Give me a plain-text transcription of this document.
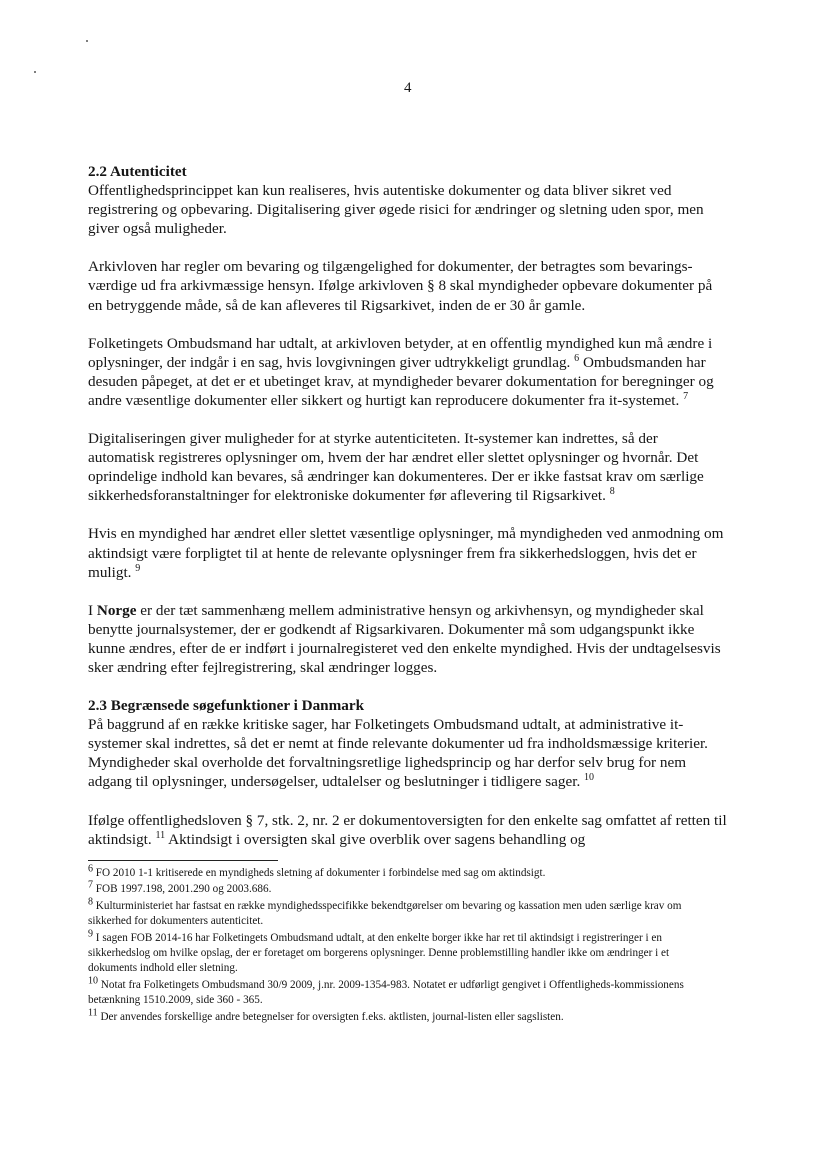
4
2.2 Autenticitet

Offentlighedsprincippet kan kun realiseres, hvis autentiske dokumenter og data bliver sikret ved registrering og opbevaring. Digitalisering giver øgede risici for ændringer og sletning uden spor, men giver også muligheder.

Arkivloven har regler om bevaring og tilgængelighed for dokumenter, der betragtes som bevarings-værdige ud fra arkivmæssige hensyn. Ifølge arkivloven § 8 skal myndigheder opbevare dokumenter på en betryggende måde, så de kan afleveres til Rigsarkivet, inden de er 30 år gamle.

Folketingets Ombudsmand har udtalt, at arkivloven betyder, at en offentlig myndighed kun må ændre i oplysninger, der indgår i en sag, hvis lovgivningen giver udtrykkeligt grundlag. $^6$ Ombudsmanden har desuden påpeget, at det er et ubetinget krav, at myndigheder bevarer dokumentation for beregninger og andre væsentlige dokumenter eller sikkert og hurtigt kan reproducere dokumenter fra it-systemet. $^7$

Digitaliseringen giver muligheder for at styrke autenticiteten. It-systemer kan indrettes, så der automatisk registreres oplysninger om, hvem der har ændret eller slettet oplysninger og hvornår. Det oprindelige indhold kan bevares, så ændringer kan dokumenteres. Der er ikke fastsat krav om særlige sikkerhedsforanstaltninger for elektroniske dokumenter før aflevering til Rigsarkivet. $^8$

Hvis en myndighed har ændret eller slettet væsentlige oplysninger, må myndigheden ved anmodning om aktindsigt være forpligtet til at hente de relevante oplysninger frem fra sikkerhedsloggen, hvis det er muligt. $^9$

I Norge er der tæt sammenhæng mellem administrative hensyn og arkivhensyn, og myndigheder skal benytte journalsystemer, der er godkendt af Rigsarkivaren. Dokumenter må som udgangspunkt ikke kunne ændres, efter de er indført i journalregisteret ved den enkelte myndighed. Hvis der undtagelsesvis sker ændring efter fejlregistrering, skal ændringer logges.

2.3 Begrænsede søgefunktioner i Danmark

På baggrund af en række kritiske sager, har Folketingets Ombudsmand udtalt, at administrative it-systemer skal indrettes, så det er nemt at finde relevante dokumenter ud fra indholdsmæssige kriterier. Myndigheder skal overholde det forvaltningsretlige lighedsprincip og har derfor selv brug for nem adgang til oplysninger, undersøgelser, udtalelser og beslutninger i tidligere sager. $^{10}$

Ifølge offentlighedsloven § 7, stk. 2, nr. 2 er dokumentoversigten for den enkelte sag omfattet af retten til aktindsigt. $^{11}$ Aktindsigt i oversigten skal give overblik over sagens behandling og

$^6$ FO 2010 1-1 kritiserede en myndigheds sletning af dokumenter i forbindelse med sag om aktindsigt.

$^7$ FOB 1997.198, 2001.290 og 2003.686.

$^8$ Kulturministeriet har fastsat en række myndighedsspecifikke bekendtgørelser om bevaring og kassation men uden særlige krav om sikkerhed for dokumenters autenticitet.

$^9$ I sagen FOB 2014-16 har Folketingets Ombudsmand udtalt, at den enkelte borger ikke har ret til aktindsigt i registreringer i en sikkerhedslog om hvilke opslag, der er foretaget om borgerens oplysninger. Denne problemstilling handler ikke om ændringer i et dokuments indhold eller sletning.

$^{10}$ Notat fra Folketingets Ombudsmand 30/9 2009, j.nr. 2009-1354-983. Notatet er udførligt gengivet i Offentligheds-kommissionens betænkning 1510.2009, side 360 - 365.

$^{11}$ Der anvendes forskellige andre betegnelser for oversigten f.eks. aktlisten, journal-listen eller sagslisten.
